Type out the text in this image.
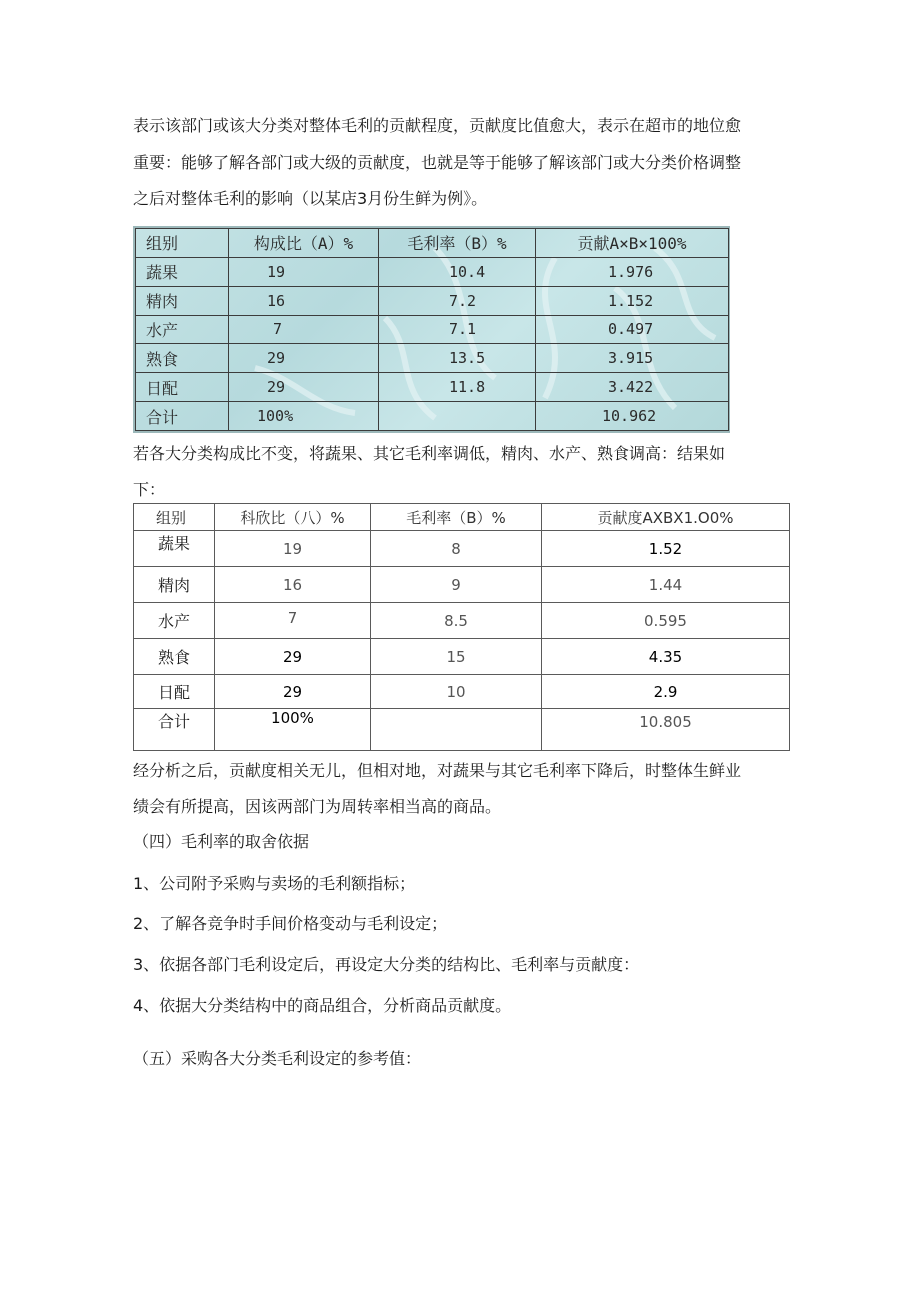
表示该部门或该大分类对整体毛利的贡献程度，贡献度比值愈大，表示在超市的地位愈

重要：能够了解各部门或大级的贡献度，也就是等于能够了解该部门或大分类价格调整

之后对整体毛利的影响（以某店3月份生鲜为例》。

组别	构成比（A）%	毛利率（B）%	贡献A×B×100%
蔬果	19	10.4	1.976
精肉	16	7.2	1.152
水产	7	7.1	0.497
熟食	29	13.5	3.915
日配	29	11.8	3.422
合计	100%		10.962

若各大分类构成比不变，将蔬果、其它毛利率调低，精肉、水产、熟食调高：结果如

下：

组别	科欣比（八）%	毛利率（B）%	贡献度AXBX1.O0%
蔬果	19	8	1.52
精肉	16	9	1.44
水产	7	8.5	0.595
熟食	29	15	4.35
日配	29	10	2.9
合计	100%		10.805

经分析之后，贡献度相关无儿，但相对地，对蔬果与其它毛利率下降后，时整体生鲜业

绩会有所提高，因该两部门为周转率相当高的商品。

（四）毛利率的取舍依据

1、公司附予采购与卖场的毛利额指标；

2、了解各竞争时手间价格变动与毛利设定；

3、依据各部门毛利设定后，再设定大分类的结构比、毛利率与贡献度：

4、依据大分类结构中的商品组合，分析商品贡献度。

（五）采购各大分类毛利设定的参考值：
